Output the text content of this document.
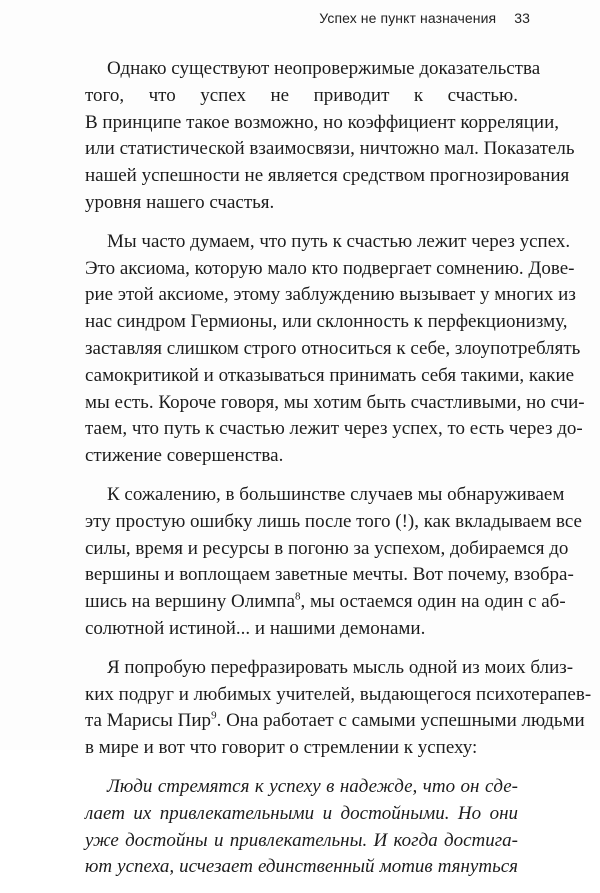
Успех не пункт назначения 33
Однако существуют неопровержимые доказательства
того, что успех не приводит к счастью.
В принципе такое возможно, но коэффициент корреляции,
или статистической взаимосвязи, ничтожно мал. Показатель
нашей успешности не является средством прогнозирования
уровня нашего счастья.
Мы часто думаем, что путь к счастью лежит через успех.
Это аксиома, которую мало кто подвергает сомнению. Дове-
рие этой аксиоме, этому заблуждению вызывает у многих из
нас синдром Гермионы, или склонность к перфекционизму,
заставляя слишком строго относиться к себе, злоупотреблять
самокритикой и отказываться принимать себя такими, какие
мы есть. Короче говоря, мы хотим быть счастливыми, но счи-
таем, что путь к счастью лежит через успех, то есть через до-
стижение совершенства.
К сожалению, в большинстве случаев мы обнаруживаем
эту простую ошибку лишь после того (!), как вкладываем все
силы, время и ресурсы в погоню за успехом, добираемся до
вершины и воплощаем заветные мечты. Вот почему, взобра-
шись на вершину Олимпа$^8$, мы остаемся один на один с аб-
солютной истиной... и нашими демонами.
Я попробую перефразировать мысль одной из моих близ-
ких подруг и любимых учителей, выдающегося психотерапев-
та Марисы Пир$^9$. Она работает с самыми успешными людьми
в мире и вот что говорит о стремлении к успеху:
Люди стремятся к успеху в надежде, что он сде-
лает их привлекательными и достойными. Но они
уже достойны и привлекательны. И когда достига-
ют успеха, исчезает единственный мотив тянуться
